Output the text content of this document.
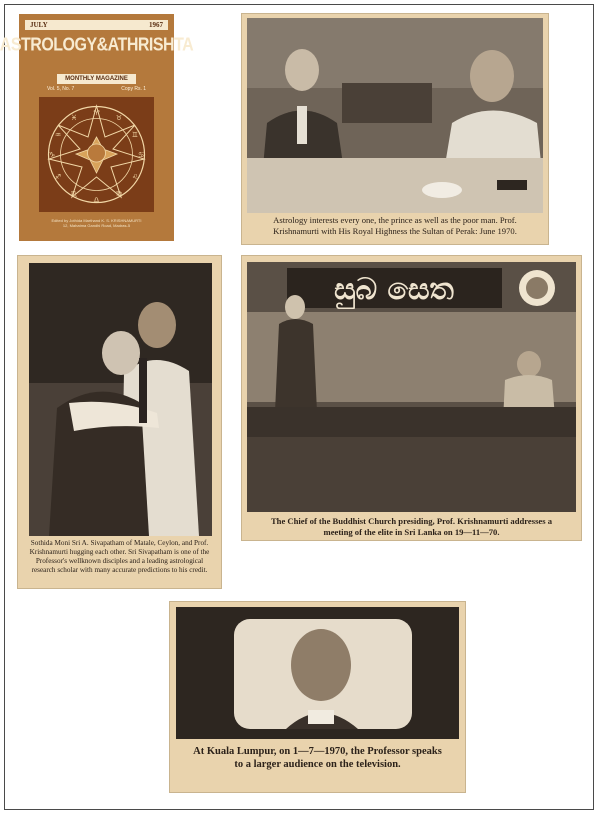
JULY	1967
ASTROLOGY&ATHRISHTA
MONTHLY MAGAZINE
Vol. 5, No. 7	Copy Rs. 1
♈
♉
♊
♋
♌
♍
♎
♏
♐
♑
♒
♓
Edited by Jothida Marthand K. S. KRISHNAMURTI
12, Mahatma Gandhi Road, Madras-5
Astrology interests every one, the prince as well as the poor man. Prof. Krishnamurti with His Royal Highness the Sultan of Perak: June 1970.
Sothida Moni Sri A. Sivapatham of Matale, Ceylon, and Prof. Krishnamurti hugging each other. Sri Sivapatham is one of the Professor's wellknown disciples and a leading astrological research scholar with many accurate predictions to his credit.
සුබ සෙත
The Chief of the Buddhist Church presiding, Prof. Krishnamurti addresses a meeting of the elite in Sri Lanka on 19—11—70.
At Kuala Lumpur, on 1—7—1970, the Professor speaks to a larger audience on the television.
